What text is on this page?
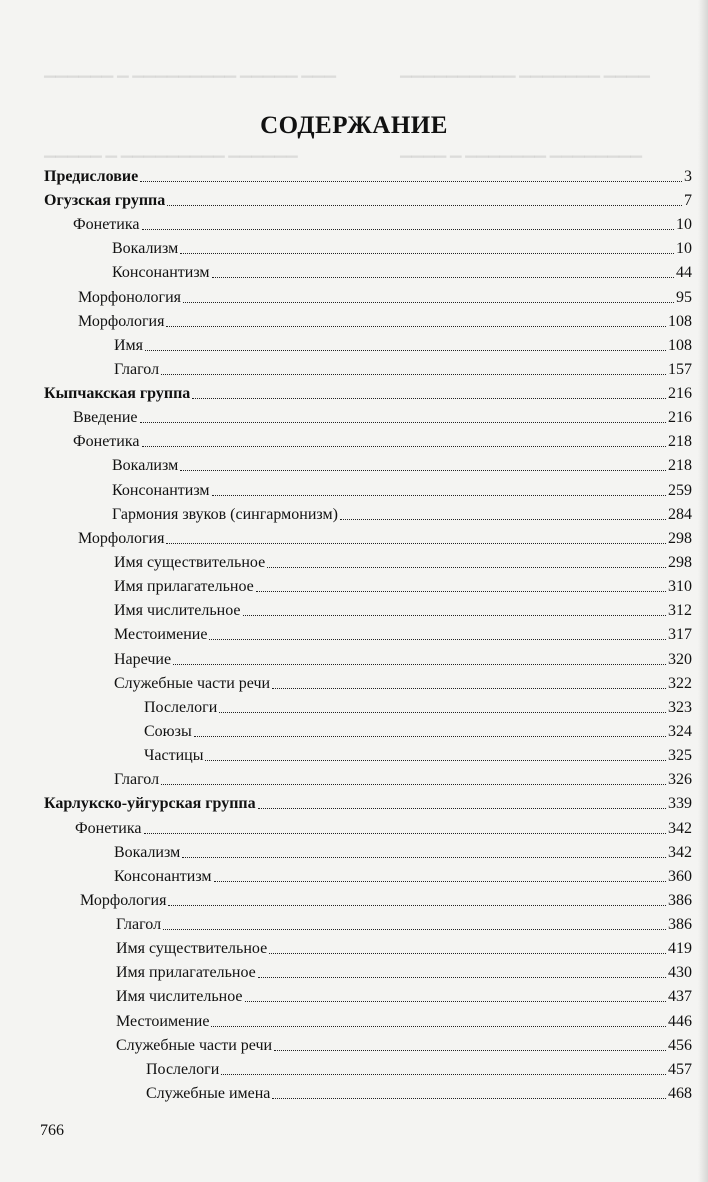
▁▁▁▁▁▁ ▁ ▁▁▁▁▁▁▁▁▁ ▁▁▁▁▁ ▁▁▁	▁▁▁▁▁▁▁▁▁▁ ▁▁▁▁▁▁▁ ▁▁▁▁
▁▁▁▁▁ ▁ ▁▁▁▁▁▁▁▁▁ ▁▁▁▁▁▁	▁▁▁▁ ▁ ▁▁▁▁▁▁▁ ▁▁▁▁▁▁▁▁
СОДЕРЖАНИЕ
Предисловие	3
Огузская группа	7
Фонетика	10
Вокализм	10
Консонантизм	44
Морфонология	95
Морфология	108
Имя	108
Глагол	157
Кыпчакская группа	216
Введение	216
Фонетика	218
Вокализм	218
Консонантизм	259
Гармония звуков (сингармонизм)	284
Морфология	298
Имя существительное	298
Имя прилагательное	310
Имя числительное	312
Местоимение	317
Наречие	320
Служебные части речи	322
Послелоги	323
Союзы	324
Частицы	325
Глагол	326
Карлукско-уйгурская группа	339
Фонетика	342
Вокализм	342
Консонантизм	360
Морфология	386
Глагол	386
Имя существительное	419
Имя прилагательное	430
Имя числительное	437
Местоимение	446
Служебные части речи	456
Послелоги	457
Служебные имена	468
766
